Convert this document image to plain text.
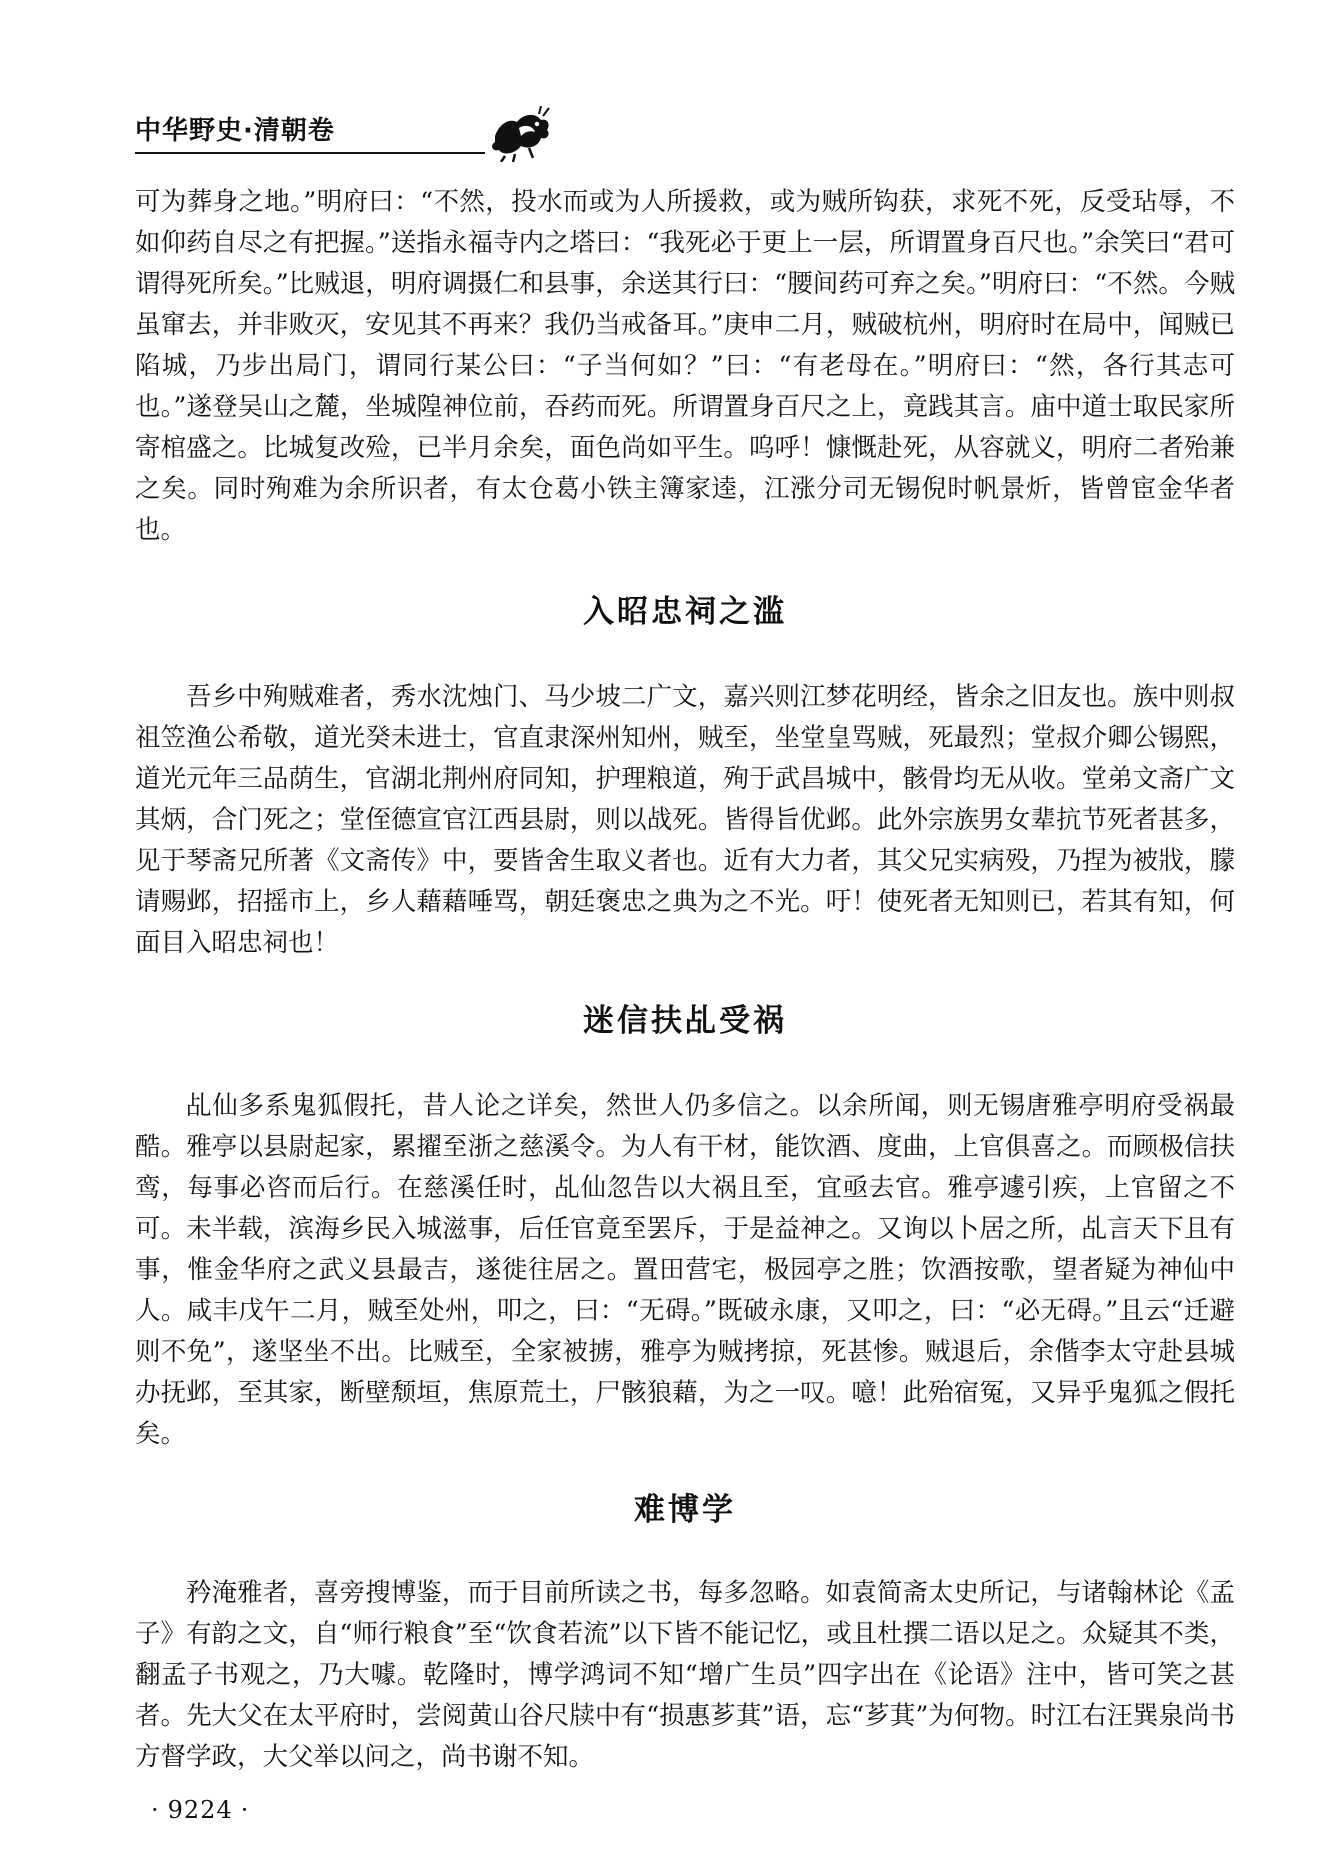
中华野史·清朝卷

可为葬身之地。”明府曰：“不然，投水而或为人所援救，或为贼所钩获，求死不死，反受玷辱，不如仰药自尽之有把握。”送指永福寺内之塔曰：“我死必于更上一层，所谓置身百尺也。”余笑曰“君可谓得死所矣。”比贼退，明府调摄仁和县事，余送其行曰：“腰间药可弃之矣。”明府曰：“不然。今贼虽窜去，并非败灭，安见其不再来？我仍当戒备耳。”庚申二月，贼破杭州，明府时在局中，闻贼已陷城，乃步出局门，谓同行某公曰：“子当何如？”曰：“有老母在。”明府曰：“然，各行其志可也。”遂登吴山之麓，坐城隍神位前，吞药而死。所谓置身百尺之上，竟践其言。庙中道士取民家所寄棺盛之。比城复改殓，已半月余矣，面色尚如平生。呜呼！慷慨赴死，从容就义，明府二者殆兼之矣。同时殉难为余所识者，有太仓葛小铁主簿家逵，江涨分司无锡倪时帆景炘，皆曾宦金华者也。

入昭忠祠之滥

吾乡中殉贼难者，秀水沈烛门、马少坡二广文，嘉兴则江梦花明经，皆余之旧友也。族中则叔祖笠渔公希敬，道光癸未进士，官直隶深州知州，贼至，坐堂皇骂贼，死最烈；堂叔介卿公锡熙，道光元年三品荫生，官湖北荆州府同知，护理粮道，殉于武昌城中，骸骨均无从收。堂弟文斋广文其炳，合门死之；堂侄德宣官江西县尉，则以战死。皆得旨优邺。此外宗族男女辈抗节死者甚多，见于琴斋兄所著《文斋传》中，要皆舍生取义者也。近有大力者，其父兄实病殁，乃捏为被戕，朦请赐邺，招摇市上，乡人藉藉唾骂，朝廷褒忠之典为之不光。吁！使死者无知则已，若其有知，何面目入昭忠祠也！

迷信扶乩受祸

乩仙多系鬼狐假托，昔人论之详矣，然世人仍多信之。以余所闻，则无锡唐雅亭明府受祸最酷。雅亭以县尉起家，累擢至浙之慈溪令。为人有干材，能饮酒、度曲，上官俱喜之。而顾极信扶鸾，每事必咨而后行。在慈溪任时，乩仙忽告以大祸且至，宜亟去官。雅亭遽引疾，上官留之不可。未半载，滨海乡民入城滋事，后任官竟至罢斥，于是益神之。又询以卜居之所，乩言天下且有事，惟金华府之武义县最吉，遂徙往居之。置田营宅，极园亭之胜；饮酒按歌，望者疑为神仙中人。咸丰戊午二月，贼至处州，叩之，曰：“无碍。”既破永康，又叩之，曰：“必无碍。”且云“迁避则不免”，遂坚坐不出。比贼至，全家被掳，雅亭为贼拷掠，死甚惨。贼退后，余偕李太守赴县城办抚邺，至其家，断壁颓垣，焦原荒土，尸骸狼藉，为之一叹。噫！此殆宿冤，又异乎鬼狐之假托矣。

难博学

矜淹雅者，喜旁搜博鉴，而于目前所读之书，每多忽略。如袁简斋太史所记，与诸翰林论《孟子》有韵之文，自“师行粮食”至“饮食若流”以下皆不能记忆，或且杜撰二语以足之。众疑其不类，翻孟子书观之，乃大噱。乾隆时，博学鸿词不知“增广生员”四字出在《论语》注中，皆可笑之甚者。先大父在太平府时，尝阅黄山谷尺牍中有“损惠芗萁”语，忘“芗萁”为何物。时江右汪巽泉尚书方督学政，大父举以问之，尚书谢不知。

· 9224 ·
